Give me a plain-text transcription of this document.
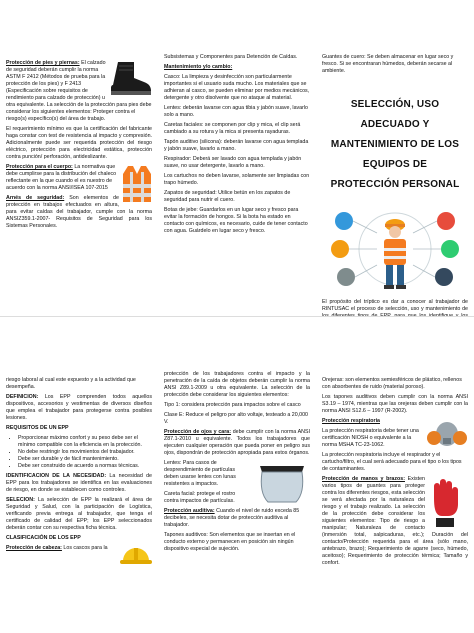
Protección de pies y piernas: El calzado de seguridad deberán cumplir la norma ASTM F 2412 (Métodos de prueba para la protección de los pies) y F 2413 (Especificación sobre requisitos de rendimiento para calzado de protección) u otra equivalente. La selección de la protección para pies debe considerar los siguientes elementos: Proteger contra el riesgo(s) específico(s) del área de trabajo.

El requerimiento mínimo es que la certificación del fabricante haga constar con test de resistencia al impacto y compresión. Adicionalmente puede ser requerida protección del riesgo eléctrico, protección para electricidad estática, protección contra punción/ perforación, antideslizante.

Protección para el cuerpo: La normativa que debe cumplirse para la distribución del chaleco reflectante en la que cuando el es nuestro de acuerdo con la norma ANSI/ISEA 107-2015

Arnés de seguridad: Son elementos de protección en trabajos efectuados en altura, para evitar caídas del trabajador, cumple con la norma ANSIZ359.1-2007- Requisitos de Seguridad para los Sistemas Personales.

Subsistemas y Componentes para Detención de Caídas.

Mantenimiento y/o cambio:

Casco: La limpieza y desinfección son particularmente importantes si el usuario suda mucho. Los materiales que se adhieran al casco, se pueden eliminar por medios mecánicos, detergente y otro disolvente que no ataque al material.

Lentes: deberán lavarse con agua tibia y jabón suave, lavarlo solo a mano.

Caretas faciales: se componen por clip y mica, el clip será cambiado a su rotura y la mica si presenta rayaduras.

Tapón auditivo (silicona): deberán lavarse con agua templada y jabón suave, lavarlo a mano.

Respirador: Deberá ser lavado con agua templada y jabón suave, no usar detergente, lavarlo a mano.

Los cartuchos no deben lavarse, solamente ser limpiadas con trapo húmedo.

Zapatos de seguridad: Utilice betún en los zapatos de seguridad para nutrir el cuero.

Botas de jebe: Guardarlos en un lugar seco y fresco para evitar la formación de hongos. Si la bota ha estado en contacto con químicos, es necesario, cuide de tener contacto con agua. Guárdelo en lugar seco y fresco.

Guantes de cuero: Se deben almacenar en lugar seco y fresco. Si se encontraran húmedos, deberán secarse al ambiente.

SELECCIÓN, USO
ADECUADO Y
MANTENIMIENTO DE LOS
EQUIPOS DE
PROTECCIÓN PERSONAL

El propósito del tríptico es dar a conocer al trabajador de RINTUSAC el proceso de selección, uso y mantenimiento de

riesgo laboral al cual este expuesto y a la actividad que desempeña.

DEFINICION: Los EPP comprenden todos aquellos dispositivos, accesorios y vestimentas de diversos diseños que emplea el trabajador para protegerse contra posibles lesiones.

REQUISITOS DE UN EPP

• Proporcionar máximo confort y su peso debe ser el mínimo compatible con la eficiencia en la protección.
• No debe restringir los movimientos del trabajador.
• Debe ser durable y de fácil mantenimiento.
• Debe ser construido de acuerdo a normas técnicas.

IDENTIFICACION DE LA NECESIDAD: La necesidad de EPP para los trabajadores se identifica en las evaluaciones de riesgo, en donde se establecen como controles.

SELECION: La selección de EPP la realizará el área de Seguridad y Salud, con la participación de Logística, verificando previa entrega al trabajador, que tenga el certificado de calidad del EPP; los EPP seleccionados deberán contar con su respectiva ficha técnica.

CLASIFICACIÓN DE LOS EPP

Protección de cabeza: Los cascos para la

protección de los trabajadores contra el impacto y la penetración de la caída de objetos deberán cumplir la norma ANSI Z89.1-2009 u otra equivalente. La selección de la protección debe considerar los siguientes elementos:

Tipo 1: considera protección para impactos sobre el casco

Clase E: Reduce el peligro por alto voltaje, testeado a 20,000 V.

Protección de ojos y cara: debe cumplir con la norma ANSI Z87.1-2010 u equivalente. Todos los trabajadores que ejecuten cualquier operación que pueda poner en peligro sus ojos, dispondrán de protección apropiada para estos órganos.

Lentes: Para casos de desprendimiento de partículas deben usarse lentes con lunas resistentes a impactos.

Careta facial: protege el rostro contra impactos de partículas.

Protección auditiva: Cuando el nivel de ruido exceda 85 decibeles, se necesita dotar de protección auditiva al trabajador.

Tapones auditivos: Son elementos que se insertan en el conducto externo y permanecen en posición sin ningún dispositivo especial de sujeción.

Orejeras: son elementos semiesféricos de plástico, rellenos con absorbentes de ruido (material poroso).

Los tapones auditivos deben cumplir con la norma ANSI S3.19 – 1974, mientras que las orejeras deben cumplir con la norma ANSI S12.6 – 1997 (R-2002).

Protección respiratoria

La protección respiratoria debe tener una certificación NIOSH o equivalente a la norma MSHA TC-23-1062.

La protección respiratoria incluye el respirador y el cartucho/filtro, el cual será adecuado para el tipo o los tipos de contaminantes.

Protección de manos y brazos: Existen varios tipos de guantes para proteger contra los diferentes riesgos, esta selección se verá afectada por la naturaleza del riesgo y el trabajo realizado. La selección de la protección debe considerar los siguientes elementos: Tipo de riesgo a manipular; Naturaleza de contacto (inmersión total, salpicaduras, etc.); Duración del contacto/Protección requerida para el área (sólo mano, antebrazo, brazo); Requerimiento de agarre (seco, húmedo, aceitoso); Requerimiento de protección térmica; Tamaño y confort.
